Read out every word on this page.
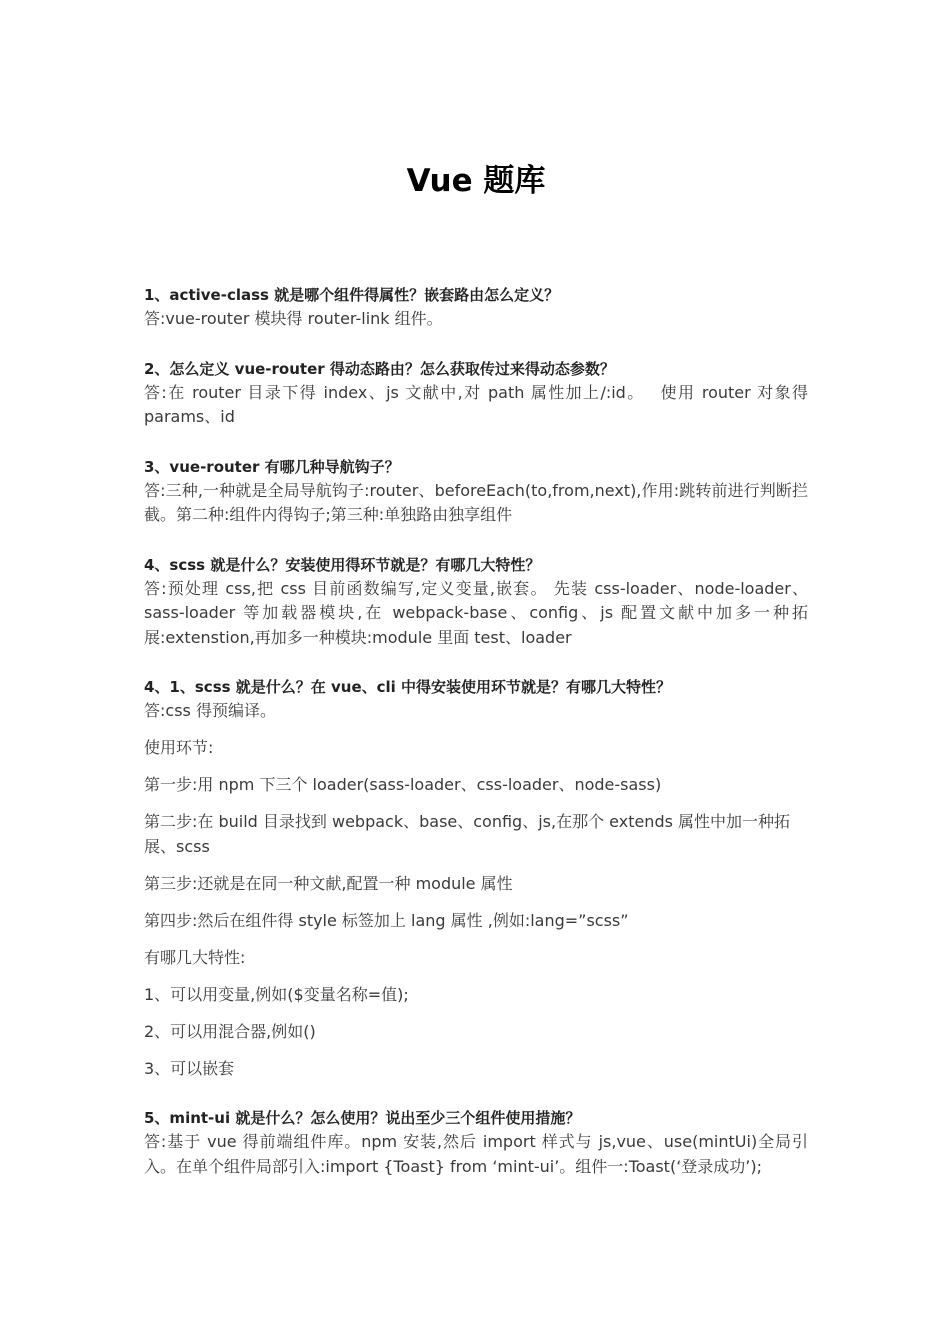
Vue 题库

1、active-class 就是哪个组件得属性？嵌套路由怎么定义？

答:vue-router 模块得 router-link 组件。

2、怎么定义 vue-router 得动态路由？怎么获取传过来得动态参数？

答:在 router 目录下得 index、js 文献中,对 path 属性加上/:id。　 使用 router 对象得 params、id

3、vue-router 有哪几种导航钩子？

答:三种,一种就是全局导航钩子:router、beforeEach(to,from,next),作用:跳转前进行判断拦截。第二种:组件内得钩子;第三种:单独路由独享组件

4、scss 就是什么？安装使用得环节就是？有哪几大特性？

答:预处理 css,把 css 目前函数编写,定义变量,嵌套。 先装 css-loader、node-loader、sass-loader 等加载器模块,在 webpack-base、config、js 配置文献中加多一种拓展:extenstion,再加多一种模块:module 里面 test、loader

4、1、scss 就是什么？在 vue、cli 中得安装使用环节就是？有哪几大特性？

答:css 得预编译。

使用环节:

第一步:用 npm 下三个 loader(sass-loader、css-loader、node-sass)

第二步:在 build 目录找到 webpack、base、config、js,在那个 extends 属性中加一种拓展、scss

第三步:还就是在同一种文献,配置一种 module 属性

第四步:然后在组件得 style 标签加上 lang 属性 ,例如:lang=”scss”

有哪几大特性:

1、可以用变量,例如($变量名称=值);

2、可以用混合器,例如()

3、可以嵌套

5、mint-ui 就是什么？怎么使用？说出至少三个组件使用措施？

答:基于 vue 得前端组件库。npm 安装,然后 import 样式与 js,vue、use(mintUi)全局引入。在单个组件局部引入:import {Toast} from ‘mint-ui’。组件一:Toast(‘登录成功’);
